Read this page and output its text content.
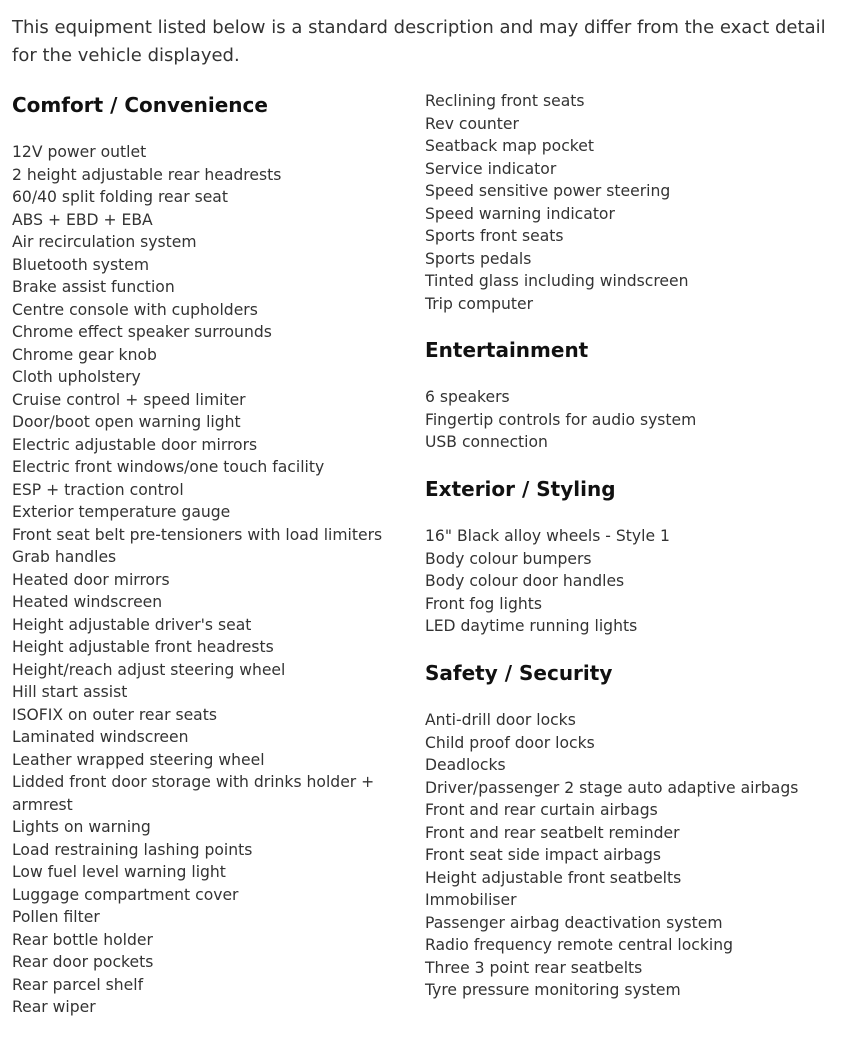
This equipment listed below is a standard description and may differ from the exact detail for the vehicle displayed.

Comfort / Convenience
12V power outlet
2 height adjustable rear headrests
60/40 split folding rear seat
ABS + EBD + EBA
Air recirculation system
Bluetooth system
Brake assist function
Centre console with cupholders
Chrome effect speaker surrounds
Chrome gear knob
Cloth upholstery
Cruise control + speed limiter
Door/boot open warning light
Electric adjustable door mirrors
Electric front windows/one touch facility
ESP + traction control
Exterior temperature gauge
Front seat belt pre-tensioners with load limiters
Grab handles
Heated door mirrors
Heated windscreen
Height adjustable driver's seat
Height adjustable front headrests
Height/reach adjust steering wheel
Hill start assist
ISOFIX on outer rear seats
Laminated windscreen
Leather wrapped steering wheel
Lidded front door storage with drinks holder + armrest
Lights on warning
Load restraining lashing points
Low fuel level warning light
Luggage compartment cover
Pollen filter
Rear bottle holder
Rear door pockets
Rear parcel shelf
Rear wiper
Reclining front seats
Rev counter
Seatback map pocket
Service indicator
Speed sensitive power steering
Speed warning indicator
Sports front seats
Sports pedals
Tinted glass including windscreen
Trip computer
Entertainment
6 speakers
Fingertip controls for audio system
USB connection
Exterior / Styling
16" Black alloy wheels - Style 1
Body colour bumpers
Body colour door handles
Front fog lights
LED daytime running lights
Safety / Security
Anti-drill door locks
Child proof door locks
Deadlocks
Driver/passenger 2 stage auto adaptive airbags
Front and rear curtain airbags
Front and rear seatbelt reminder
Front seat side impact airbags
Height adjustable front seatbelts
Immobiliser
Passenger airbag deactivation system
Radio frequency remote central locking
Three 3 point rear seatbelts
Tyre pressure monitoring system
